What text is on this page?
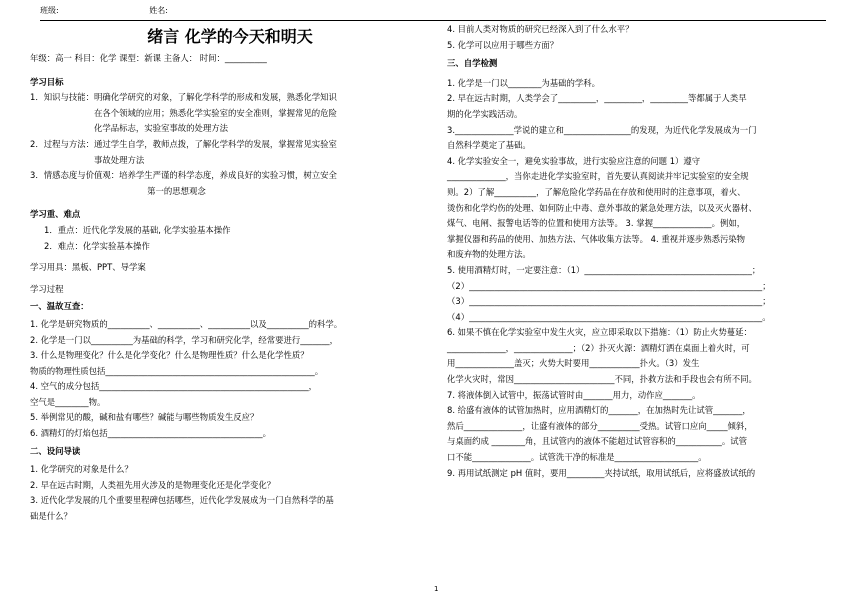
班级:	姓名:
绪言 化学的今天和明天
年级：高一 科目：化学 课型：新课 主备人： 时间：__________
学习目标
1．知识与技能： 明确化学研究的对象，了解化学科学的形成和发展，熟悉化学知识
在各个领域的应用；熟悉化学实验室的安全准则，掌握常见的危险
化学品标志，实验室事故的处理方法
2．过程与方法： 通过学生自学，教师点拨，了解化学科学的发展，掌握常见实验室
事故处理方法
3．情感态度与价值观： 培养学生严谨的科学态度，养成良好的实验习惯，树立安全
第一的思想观念
学习重、难点
1．重点：近代化学发展的基础, 化学实验基本操作
2．难点：化学实验基本操作
学习用具：黑板、PPT、导学案
学习过程
一、温故互查：
1. 化学是研究物质的__________、__________、__________以及__________的科学。
2. 化学是一门以__________为基础的科学，学习和研究化学，经常要进行_______，
3. 什么是物理变化？什么是化学变化？什么是物理性质？什么是化学性质？
物质的物理性质包括__________________________________________________。
4. 空气的成分包括__________________________________________________，
空气是________物。
5. 举例常见的酸，碱和盐有哪些？碱能与哪些物质发生反应？
6. 酒精灯的灯焰包括_____________________________________。
二、设问导读
1. 化学研究的对象是什么？
2. 早在远古时期，人类祖先用火涉及的是物理变化还是化学变化？
3. 近代化学发展的几个重要里程碑包括哪些，近代化学发展成为一门自然科学的基
础是什么？
4. 目前人类对物质的研究已经深入到了什么水平？
5. 化学可以应用于哪些方面？
三、自学检测
1. 化学是一门以________为基础的学科。
2. 早在远古时期，人类学会了_________，_________，_________等都属于人类早
期的化学实践活动。
3.______________学说的建立和________________的发现，为近代化学发展成为一门
自然科学奠定了基础。
4. 化学实验安全一，避免实验事故，进行实验应注意的问题 1）遵守
______________，当你走进化学实验室时，首先要认真阅读并牢记实验室的安全规
则。2）了解__________，了解危险化学药品在存放和使用时的注意事项，着火、
烫伤和化学灼伤的处理、如何防止中毒、意外事故的紧急处理方法，以及灭火器材、
煤气、电闸、报警电话等的位置和使用方法等。 3. 掌握______________。例如，
掌握仪器和药品的使用、加热方法、气体收集方法等。 4. 重视并逐步熟悉污染物
和废弃物的处理方法。
5. 使用酒精灯时，一定要注意：（1）________________________________________；
（2）______________________________________________________________________；
（3）______________________________________________________________________；
（4）______________________________________________________________________。
6. 如果不慎在化学实验室中发生火灾，应立即采取以下措施：（1）防止火势蔓延：
______________，______________；（2）扑灭火源：酒精灯洒在桌面上着火时，可
用______________盖灭；火势大时要用____________扑火。（3）发生
化学火灾时，常因________________________不同，扑救方法和手段也会有所不同。
7. 将液体倒入试管中，振荡试管时由_______用力，动作应_______。
8. 给盛有液体的试管加热时，应用酒精灯的_______，在加热时先让试管_______，
然后______________，让盛有液体的部分__________受热。试管口应向_____倾斜，
与桌面约成 ________角，且试管内的液体不能超过试管容积的___________。试管
口不能______________。试管洗干净的标准是____________________。
9. 再用试纸测定 pH 值时，要用_________夹持试纸，取用试纸后，应将盛放试纸的
1
